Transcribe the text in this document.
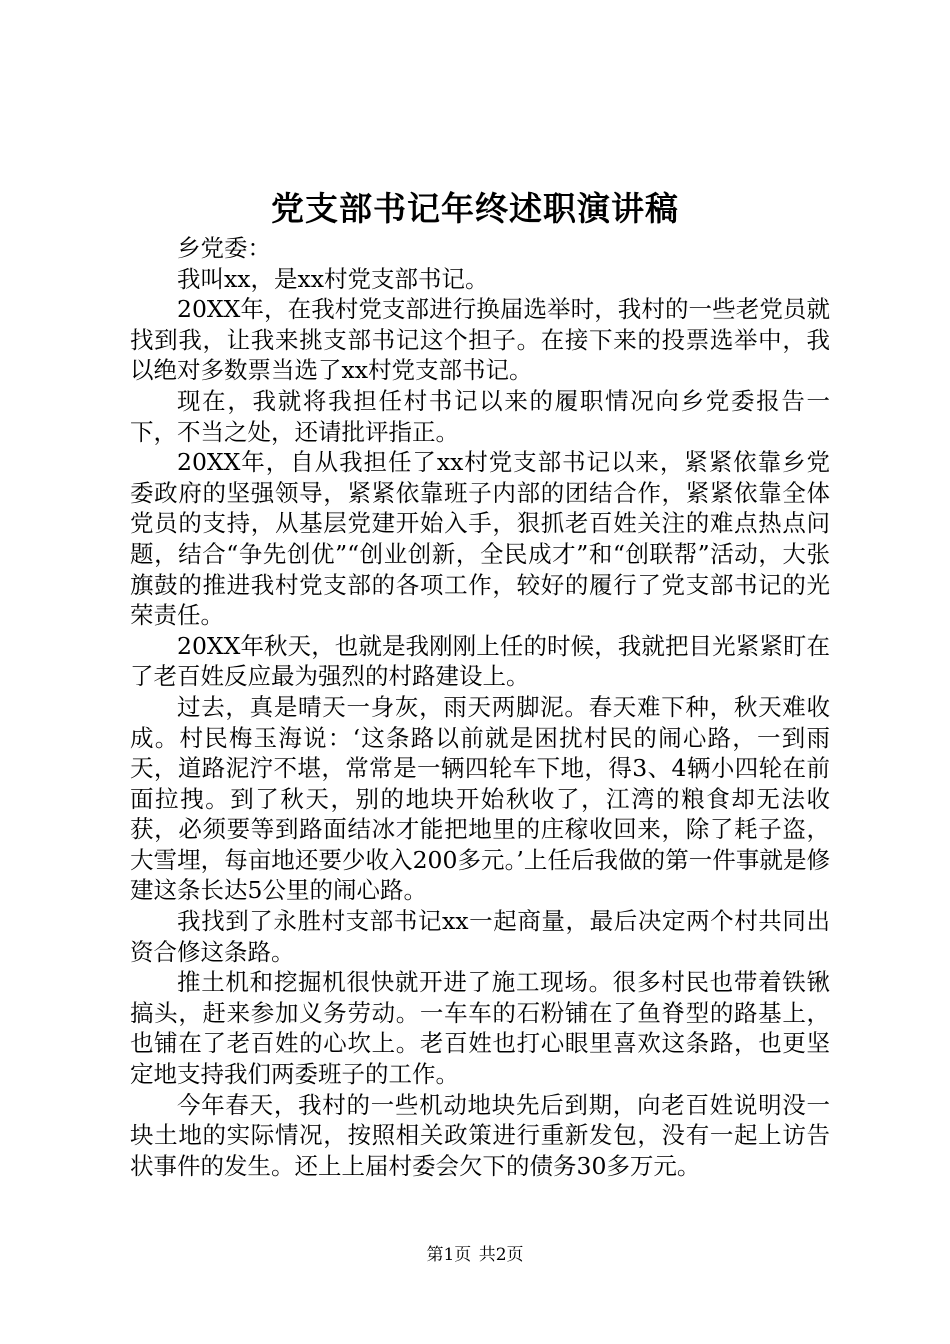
党支部书记年终述职演讲稿

乡党委：

我叫xx，是xx村党支部书记。

20XX年，在我村党支部进行换届选举时，我村的一些老党员就找到我，让我来挑支部书记这个担子。在接下来的投票选举中，我以绝对多数票当选了xx村党支部书记。

现在，我就将我担任村书记以来的履职情况向乡党委报告一下，不当之处，还请批评指正。

20XX年，自从我担任了xx村党支部书记以来，紧紧依靠乡党委政府的坚强领导，紧紧依靠班子内部的团结合作，紧紧依靠全体党员的支持，从基层党建开始入手，狠抓老百姓关注的难点热点问题，结合“争先创优”“创业创新，全民成才”和“创联帮”活动，大张旗鼓的推进我村党支部的各项工作，较好的履行了党支部书记的光荣责任。

20XX年秋天，也就是我刚刚上任的时候，我就把目光紧紧盯在了老百姓反应最为强烈的村路建设上。

过去，真是晴天一身灰，雨天两脚泥。春天难下种，秋天难收成。村民梅玉海说：‘这条路以前就是困扰村民的闹心路，一到雨天，道路泥泞不堪，常常是一辆四轮车下地，得3、4辆小四轮在前面拉拽。到了秋天，别的地块开始秋收了，江湾的粮食却无法收获，必须要等到路面结冰才能把地里的庄稼收回来，除了耗子盗，大雪埋，每亩地还要少收入200多元。’上任后我做的第一件事就是修建这条长达5公里的闹心路。

我找到了永胜村支部书记xx一起商量，最后决定两个村共同出资合修这条路。

推土机和挖掘机很快就开进了施工现场。很多村民也带着铁锹搞头，赶来参加义务劳动。一车车的石粉铺在了鱼脊型的路基上，也铺在了老百姓的心坎上。老百姓也打心眼里喜欢这条路，也更坚定地支持我们两委班子的工作。

今年春天，我村的一些机动地块先后到期，向老百姓说明没一块土地的实际情况，按照相关政策进行重新发包，没有一起上访告状事件的发生。还上上届村委会欠下的债务30多万元。

第1页 共2页
